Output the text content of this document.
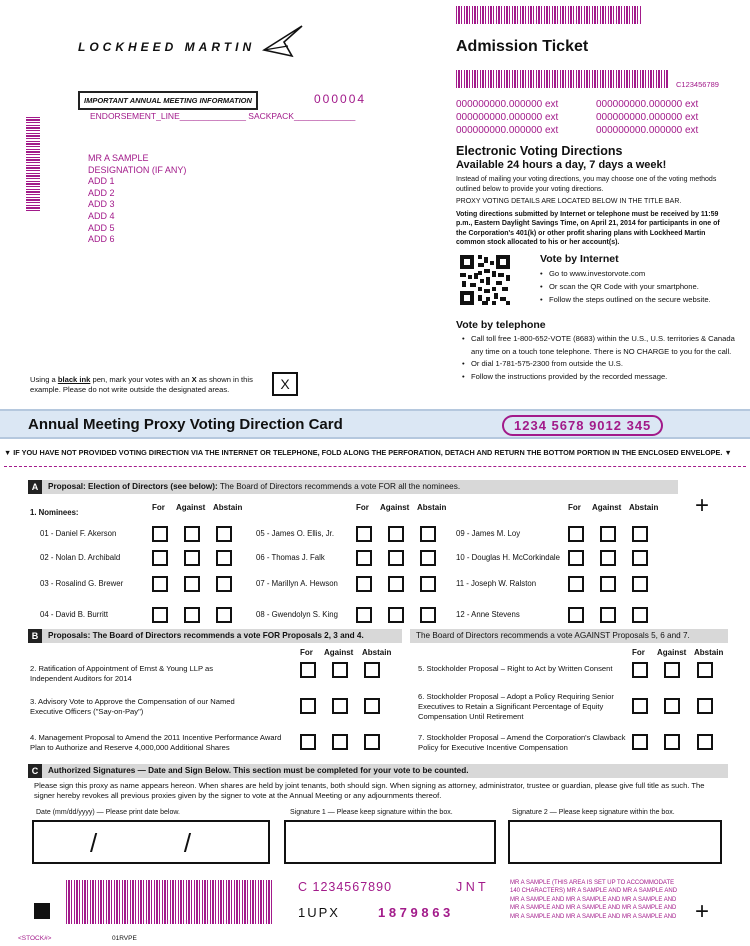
LOCKHEED MARTIN
IMPORTANT ANNUAL MEETING INFORMATION	000004
ENDORSEMENT_LINE______________ SACKPACK_____________
MR A SAMPLE
DESIGNATION (IF ANY)
ADD 1
ADD 2
ADD 3
ADD 4
ADD 5
ADD 6
Using a black ink pen, mark your votes with an X as shown in this example. Please do not write outside the designated areas.	X
Admission Ticket
C123456789
000000000.000000 ext	000000000.000000 ext
000000000.000000 ext	000000000.000000 ext
000000000.000000 ext	000000000.000000 ext
Electronic Voting Directions
Available 24 hours a day, 7 days a week!
Instead of mailing your voting directions, you may choose one of the voting methods outlined below to provide your voting directions.
PROXY VOTING DETAILS ARE LOCATED BELOW IN THE TITLE BAR.
Voting directions submitted by Internet or telephone must be received by 11:59 p.m., Eastern Daylight Savings Time, on April 21, 2014 for participants in one of the Corporation's 401(k) or other profit sharing plans with Lockheed Martin common stock allocated to his or her account(s).
Vote by Internet
• Go to www.investorvote.com
• Or scan the QR Code with your smartphone.
• Follow the steps outlined on the secure website.
Vote by telephone
• Call toll free 1-800-652-VOTE (8683) within the U.S., U.S. territories & Canada any time on a touch tone telephone. There is NO CHARGE to you for the call.
• Or dial 1-781-575-2300 from outside the U.S.
• Follow the instructions provided by the recorded message.
Annual Meeting Proxy Voting Direction Card	1234 5678 9012 345
▼ IF YOU HAVE NOT PROVIDED VOTING DIRECTION VIA THE INTERNET OR TELEPHONE, FOLD ALONG THE PERFORATION, DETACH AND RETURN THE BOTTOM PORTION IN THE ENCLOSED ENVELOPE. ▼
A	Proposal: Election of Directors (see below): The Board of Directors recommends a vote FOR all the nominees.
+
1. Nominees:
For Against Abstain	For Against Abstain	For Against Abstain
01 - Daniel F. Akerson	05 - James O. Ellis, Jr.	09 - James M. Loy
02 - Nolan D. Archibald	06 - Thomas J. Falk	10 - Douglas H. McCorkindale
03 - Rosalind G. Brewer	07 - Marillyn A. Hewson	11 - Joseph W. Ralston
04 - David B. Burritt	08 - Gwendolyn S. King	12 - Anne Stevens
B	Proposals: The Board of Directors recommends a vote FOR Proposals 2, 3 and 4.	The Board of Directors recommends a vote AGAINST Proposals 5, 6 and 7.
For Against Abstain	For Against Abstain
2. Ratification of Appointment of Ernst & Young LLP as Independent Auditors for 2014
3. Advisory Vote to Approve the Compensation of our Named Executive Officers ("Say-on-Pay")
4. Management Proposal to Amend the 2011 Incentive Performance Award Plan to Authorize and Reserve 4,000,000 Additional Shares
5. Stockholder Proposal – Right to Act by Written Consent
6. Stockholder Proposal – Adopt a Policy Requiring Senior Executives to Retain a Significant Percentage of Equity Compensation Until Retirement
7. Stockholder Proposal – Amend the Corporation's Clawback Policy for Executive Incentive Compensation
C	Authorized Signatures — Date and Sign Below. This section must be completed for your vote to be counted.
Please sign this proxy as name appears hereon. When shares are held by joint tenants, both should sign. When signing as attorney, administrator, trustee or guardian, please give full title as such. The signer hereby revokes all previous proxies given by the signer to vote at the Annual Meeting or any adjournments thereof.
Date (mm/dd/yyyy) — Please print date below.	Signature 1 — Please keep signature within the box.	Signature 2 — Please keep signature within the box.
/            /
C 1234567890	J N T
1UPX	1 8 7 9 8 6 3
MR A SAMPLE (THIS AREA IS SET UP TO ACCOMMODATE
140 CHARACTERS) MR A SAMPLE AND MR A SAMPLE AND
MR A SAMPLE AND MR A SAMPLE AND MR A SAMPLE AND
MR A SAMPLE AND MR A SAMPLE AND MR A SAMPLE AND
MR A SAMPLE AND MR A SAMPLE AND MR A SAMPLE AND +
<STOCK#>	01RVPE
